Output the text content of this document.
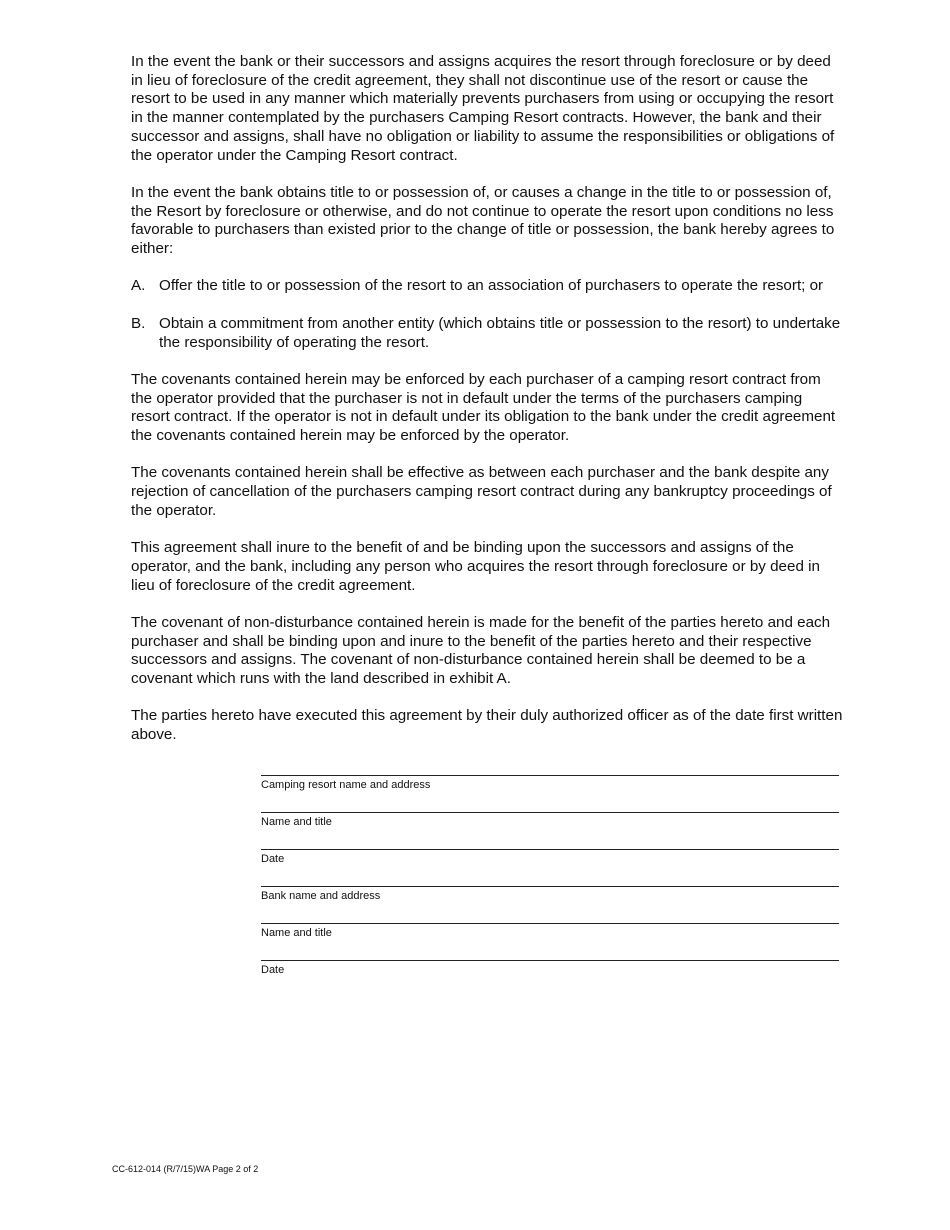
In the event the bank or their successors and assigns acquires the resort through foreclosure or by deed in lieu of foreclosure of the credit agreement, they shall not discontinue use of the resort or cause the resort to be used in any manner which materially prevents purchasers from using or occupying the resort in the manner contemplated by the purchasers Camping Resort contracts. However, the bank and their successor and assigns, shall have no obligation or liability to assume the responsibilities or obligations of the operator under the Camping Resort contract.

In the event the bank obtains title to or possession of, or causes a change in the title to or possession of, the Resort by foreclosure or otherwise, and do not continue to operate the resort upon conditions no less favorable to purchasers than existed prior to the change of title or possession, the bank hereby agrees to either:

A. Offer the title to or possession of the resort to an association of purchasers to operate the resort; or
B. Obtain a commitment from another entity (which obtains title or possession to the resort) to undertake the responsibility of operating the resort.

The covenants contained herein may be enforced by each purchaser of a camping resort contract from the operator provided that the purchaser is not in default under the terms of the purchasers camping resort contract. If the operator is not in default under its obligation to the bank under the credit agreement the covenants contained herein may be enforced by the operator.

The covenants contained herein shall be effective as between each purchaser and the bank despite any rejection of cancellation of the purchasers camping resort contract during any bankruptcy proceedings of the operator.

This agreement shall inure to the benefit of and be binding upon the successors and assigns of the operator, and the bank, including any person who acquires the resort through foreclosure or by deed in lieu of foreclosure of the credit agreement.

The covenant of non-disturbance contained herein is made for the benefit of the parties hereto and each purchaser and shall be binding upon and inure to the benefit of the parties hereto and their respective successors and assigns. The covenant of non-disturbance contained herein shall be deemed to be a covenant which runs with the land described in exhibit A.

The parties hereto have executed this agreement by their duly authorized officer as of the date first written above.

Camping resort name and address
Name and title
Date
Bank name and address
Name and title
Date
CC-612-014 (R/7/15)WA Page 2 of 2
